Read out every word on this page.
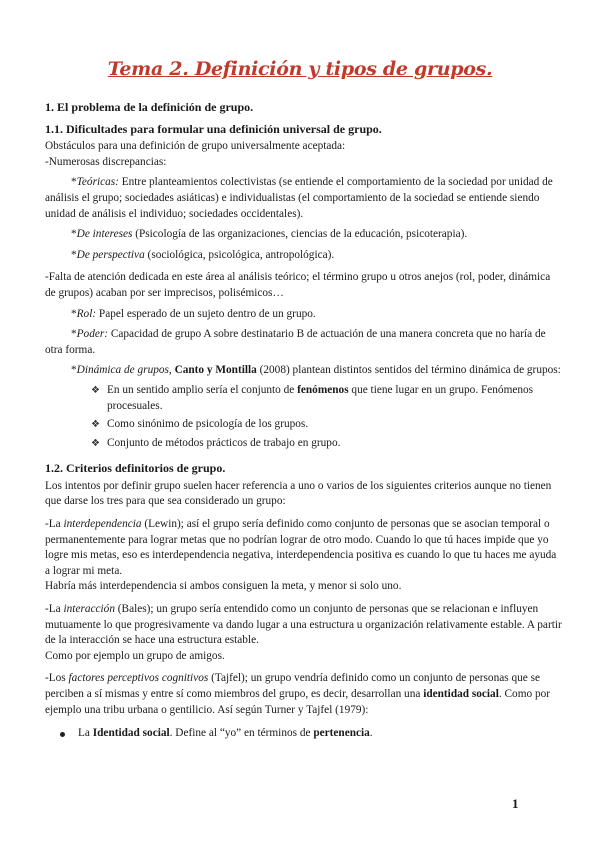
Tema 2. Definición y tipos de grupos.

1. El problema de la definición de grupo.

1.1. Dificultades para formular una definición universal de grupo.

Obstáculos para una definición de grupo universalmente aceptada:

-Numerosas discrepancias:

*Teóricas: Entre planteamientos colectivistas (se entiende el comportamiento de la sociedad por unidad de análisis el grupo; sociedades asiáticas) e individualistas (el comportamiento de la sociedad se entiende siendo unidad de análisis el individuo; sociedades occidentales).

*De intereses (Psicología de las organizaciones, ciencias de la educación, psicoterapia).

*De perspectiva (sociológica, psicológica, antropológica).

-Falta de atención dedicada en este área al análisis teórico; el término grupo u otros anejos (rol, poder, dinámica de grupos) acaban por ser imprecisos, polisémicos…

*Rol: Papel esperado de un sujeto dentro de un grupo.

*Poder: Capacidad de grupo A sobre destinatario B de actuación de una manera concreta que no haría de otra forma.

*Dinámica de grupos, Canto y Montilla (2008) plantean distintos sentidos del término dinámica de grupos:

❖ En un sentido amplio sería el conjunto de fenómenos que tiene lugar en un grupo. Fenómenos procesuales.
❖ Como sinónimo de psicología de los grupos.
❖ Conjunto de métodos prácticos de trabajo en grupo.

1.2. Criterios definitorios de grupo.

Los intentos por definir grupo suelen hacer referencia a uno o varios de los siguientes criterios aunque no tienen que darse los tres para que sea considerado un grupo:

-La interdependencia (Lewin); así el grupo sería definido como conjunto de personas que se asocian temporal o permanentemente para lograr metas que no podrían lograr de otro modo. Cuando lo que tú haces impide que yo logre mis metas, eso es interdependencia negativa, interdependencia positiva es cuando lo que tu haces me ayuda a lograr mi meta.

Habría más interdependencia si ambos consiguen la meta, y menor si solo uno.

-La interacción (Bales); un grupo sería entendido como un conjunto de personas que se relacionan e influyen mutuamente lo que progresivamente va dando lugar a una estructura u organización relativamente estable. A partir de la interacción se hace una estructura estable.

Como por ejemplo un grupo de amigos.

-Los factores perceptivos cognitivos (Tajfel); un grupo vendría definido como un conjunto de personas que se perciben a sí mismas y entre sí como miembros del grupo, es decir, desarrollan una identidad social. Como por ejemplo una tribu urbana o gentilicio. Así según Turner y Tajfel (1979):

La Identidad social. Define al “yo” en términos de pertenencia.
1
